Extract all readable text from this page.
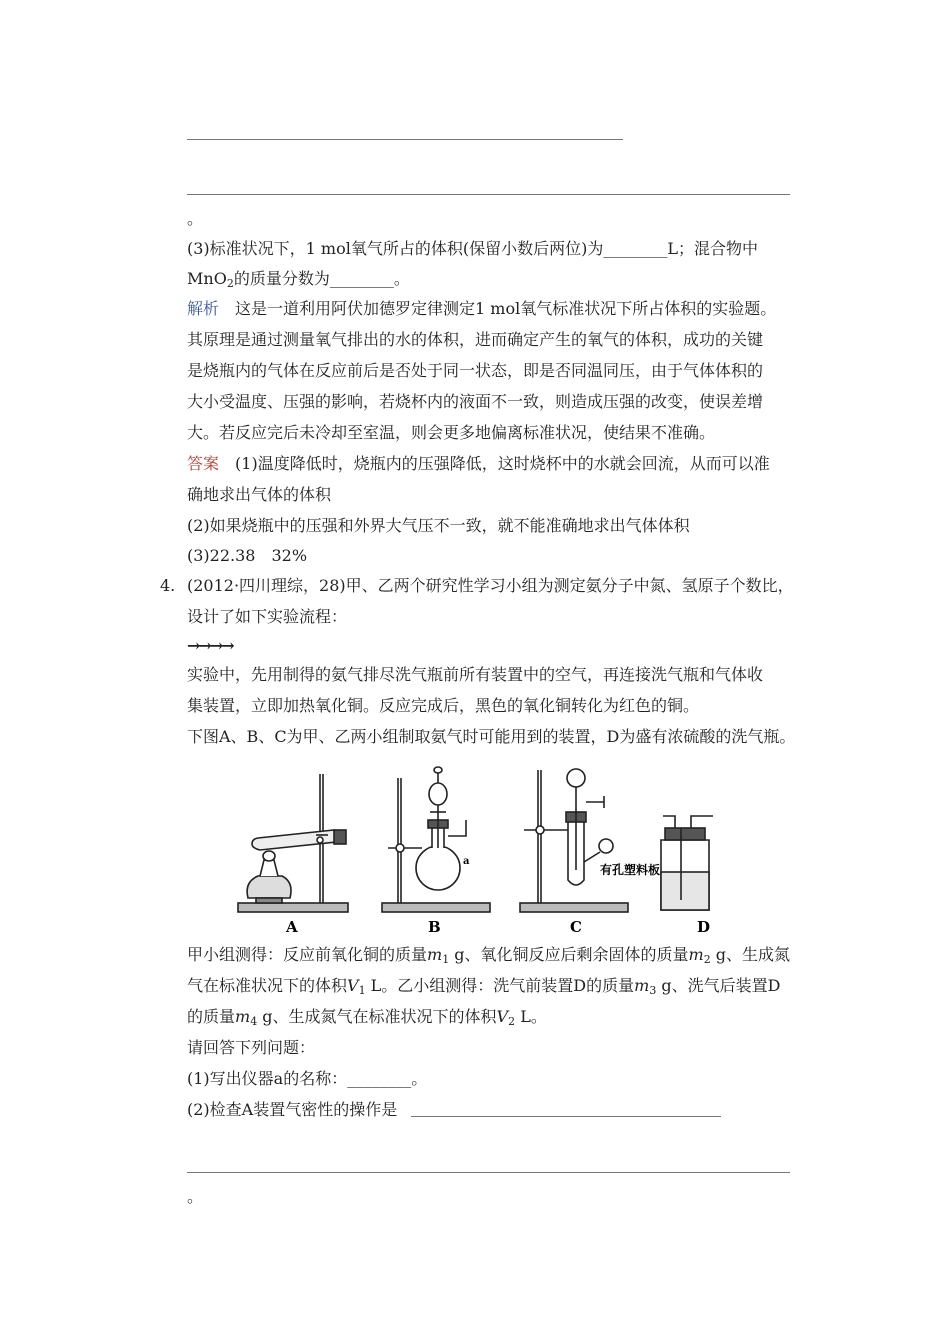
。
(3)标准状况下，1 mol氧气所占的体积(保留小数后两位)为________L；混合物中
MnO$_2$的质量分数为________。
解析　 这是一道利用阿伏加德罗定律测定1 mol氧气标准状况下所占体积的实验题。
其原理是通过测量氧气排出的水的体积，进而确定产生的氧气的体积，成功的关键
是烧瓶内的气体在反应前后是否处于同一状态，即是否同温同压，由于气体体积的
大小受温度、压强的影响，若烧杯内的液面不一致，则造成压强的改变，使误差增
大。若反应完后未冷却至室温，则会更多地偏离标准状况，使结果不准确。
答案　 (1)温度降低时，烧瓶内的压强降低，这时烧杯中的水就会回流，从而可以准
确地求出气体的体积
(2)如果烧瓶中的压强和外界大气压不一致，就不能准确地求出气体体积
(3)22.38　32%
4. (2012·四川理综，28)甲、乙两个研究性学习小组为测定氨分子中氮、氢原子个数比，
设计了如下实验流程：
→→→→
实验中，先用制得的氨气排尽洗气瓶前所有装置中的空气，再连接洗气瓶和气体收
集装置，立即加热氧化铜。反应完成后，黑色的氧化铜转化为红色的铜。
下图A、B、C为甲、乙两小组制取氨气时可能用到的装置，D为盛有浓硫酸的洗气瓶。
A	B	C	D
a
有孔塑料板
甲小组测得：反应前氧化铜的质量m1 g、氧化铜反应后剩余固体的质量m2 g、生成氮
气在标准状况下的体积V1 L。乙小组测得：洗气前装置D的质量m3 g、洗气后装置D
的质量m4 g、生成氮气在标准状况下的体积V2 L。
请回答下列问题：
(1)写出仪器a的名称：________。
(2)检查A装置气密性的操作是
。
